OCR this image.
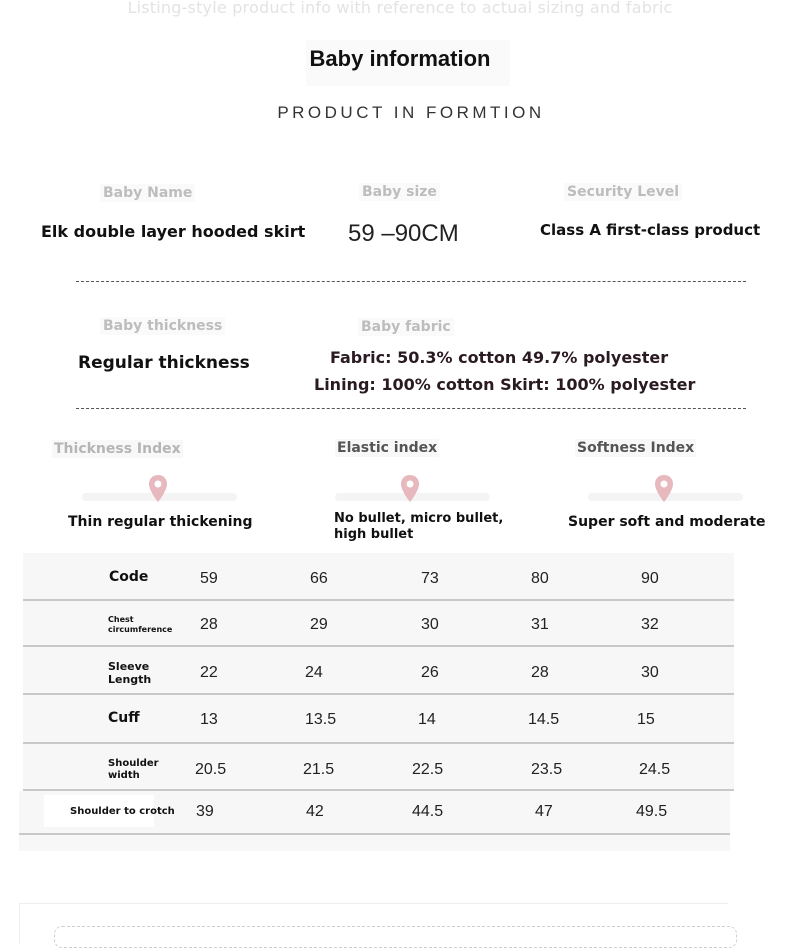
Listing-style product info with reference to actual sizing and fabric
Baby information
PRODUCT IN FORMTION
Baby Name
Elk double layer hooded skirt
Baby size
59 –90CM
Security Level
Class A first-class product
Baby thickness
Regular thickness
Baby fabric
Fabric: 50.3% cotton 49.7% polyester
Lining: 100% cotton Skirt: 100% polyester
Thickness Index	Elastic index	Softness Index
Thin regular thickening	No bullet, micro bullet, high bullet
Super soft and moderate
Code	59	66	73	80	90
Chest circumference	28	29	30	31	32
Sleeve Length	22	24	26	28	30
Cuff	13	13.5	14	14.5	15
Shoulder width	20.5	21.5	22.5	23.5	24.5
Shoulder to crotch 39	42	44.5	47	49.5
